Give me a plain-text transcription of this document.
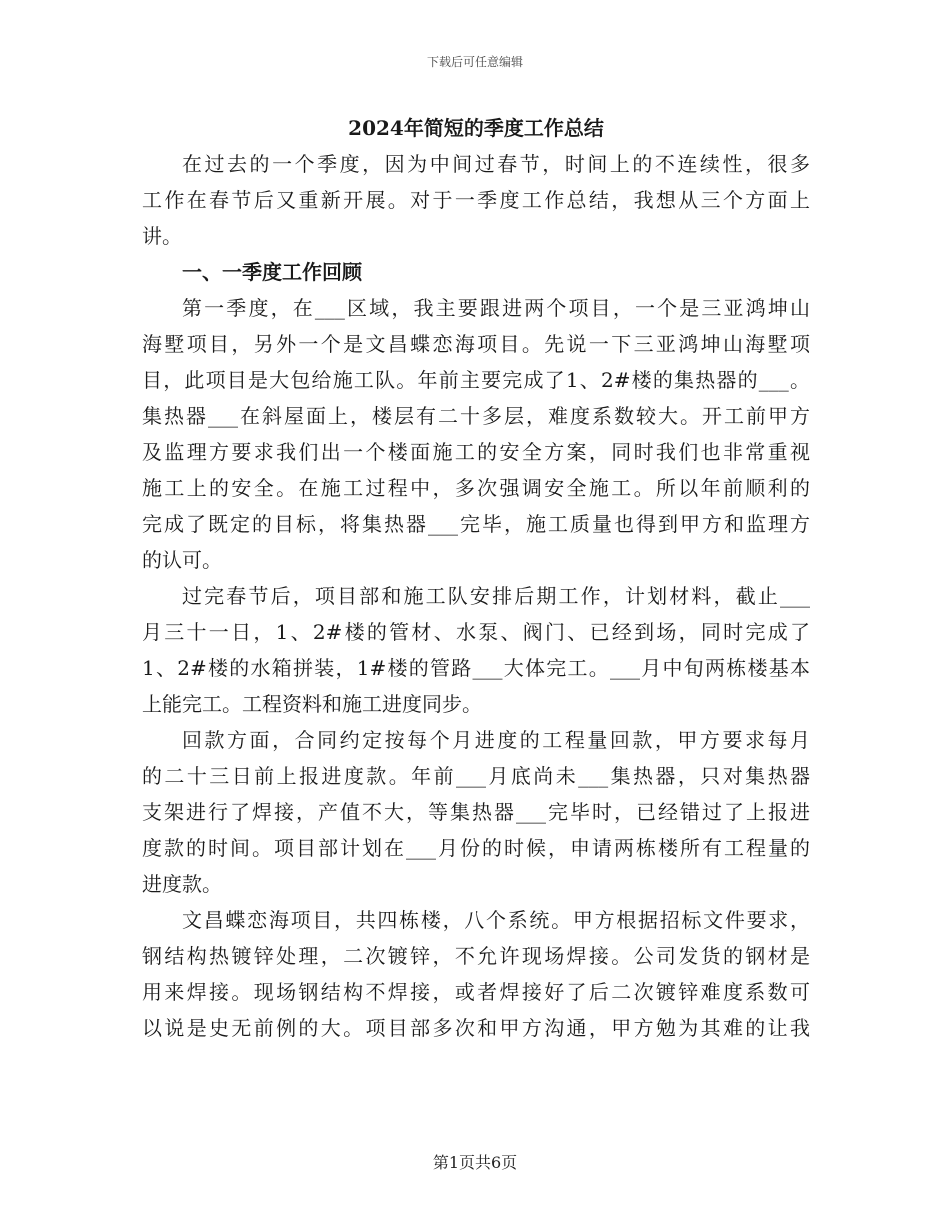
下载后可任意编辑
2024年简短的季度工作总结
在过去的一个季度，因为中间过春节，时间上的不连续性，很多
工作在春节后又重新开展。对于一季度工作总结，我想从三个方面上
讲。
一、一季度工作回顾
第一季度，在___区域，我主要跟进两个项目，一个是三亚鸿坤山
海墅项目，另外一个是文昌蝶恋海项目。先说一下三亚鸿坤山海墅项
目，此项目是大包给施工队。年前主要完成了1、2#楼的集热器的___。
集热器___在斜屋面上，楼层有二十多层，难度系数较大。开工前甲方
及监理方要求我们出一个楼面施工的安全方案，同时我们也非常重视
施工上的安全。在施工过程中，多次强调安全施工。所以年前顺利的
完成了既定的目标，将集热器___完毕，施工质量也得到甲方和监理方
的认可。
过完春节后，项目部和施工队安排后期工作，计划材料，截止___
月三十一日，1、2#楼的管材、水泵、阀门、已经到场，同时完成了
1、2#楼的水箱拼装，1#楼的管路___大体完工。___月中旬两栋楼基本
上能完工。工程资料和施工进度同步。
回款方面，合同约定按每个月进度的工程量回款，甲方要求每月
的二十三日前上报进度款。年前___月底尚未___集热器，只对集热器
支架进行了焊接，产值不大，等集热器___完毕时，已经错过了上报进
度款的时间。项目部计划在___月份的时候，申请两栋楼所有工程量的
进度款。
文昌蝶恋海项目，共四栋楼，八个系统。甲方根据招标文件要求，
钢结构热镀锌处理，二次镀锌，不允许现场焊接。公司发货的钢材是
用来焊接。现场钢结构不焊接，或者焊接好了后二次镀锌难度系数可
以说是史无前例的大。项目部多次和甲方沟通，甲方勉为其难的让我
第1页共6页
